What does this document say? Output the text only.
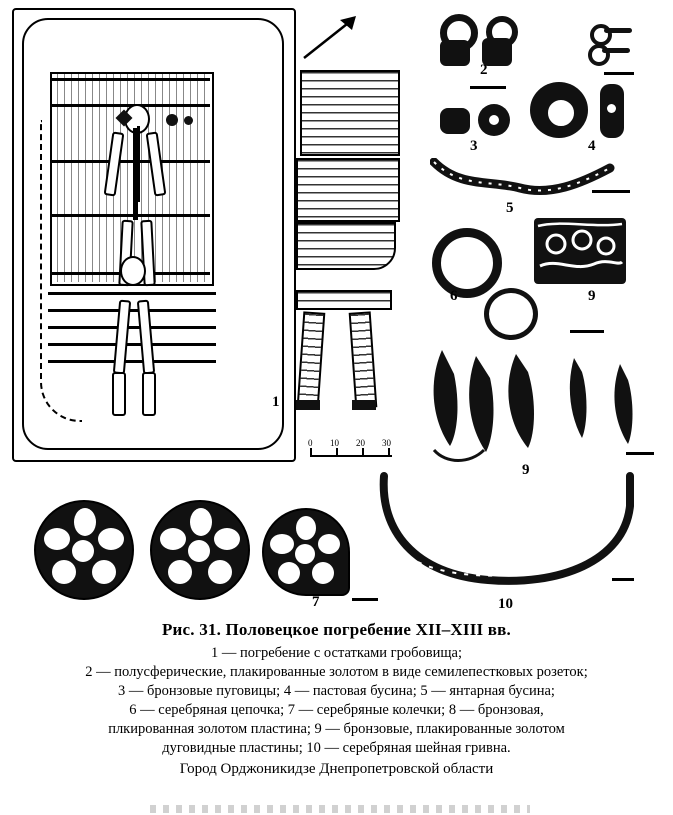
1
0 10 20 30
2
3	4
5
6	9
9
7	10
Рис. 31. Половецкое погребение XII–XIII вв.
1 — погребение с остатками гробовища;
2 — полусферические, плакированные золотом в виде семилепестковых розеток;
3 — бронзовые пуговицы; 4 — пастовая бусина; 5 — янтарная бусина;
6 — серебряная цепочка; 7 — серебряные колечки; 8 — бронзовая,
плкированная золотом пластина; 9 — бронзовые, плакированные золотом
дуговидные пластины; 10 — серебряная шейная гривна.
Город Орджоникидзе Днепропетровской области
